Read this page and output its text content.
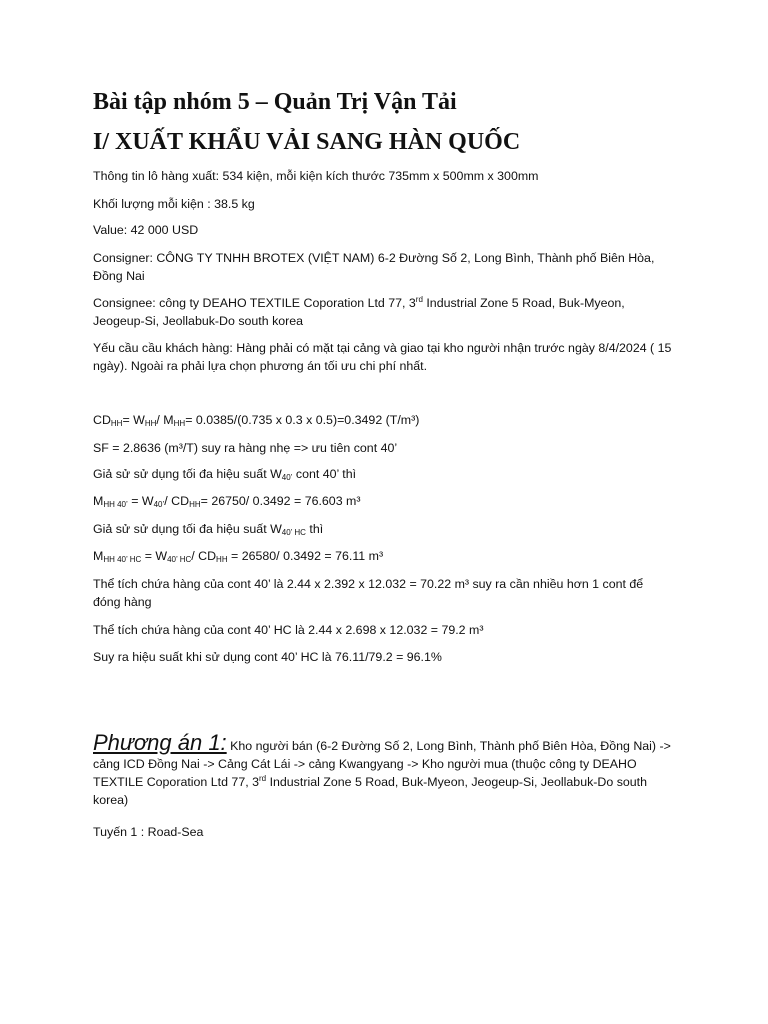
Bài tập nhóm 5 – Quản Trị Vận Tải
I/ XUẤT KHẨU VẢI SANG HÀN QUỐC

Thông tin lô hàng xuất: 534 kiện, mỗi kiện kích thước 735mm x 500mm x 300mm

Khối lượng mỗi kiện : 38.5 kg

Value: 42 000 USD

Consigner: CÔNG TY TNHH BROTEX (VIỆT NAM) 6-2 Đường Số 2, Long Bình, Thành phố Biên Hòa, Đồng Nai

Consignee: công ty DEAHO TEXTILE Coporation Ltd 77, 3rd Industrial Zone 5 Road, Buk-Myeon, Jeogeup-Si, Jeollabuk-Do south korea

Yếu cầu cầu khách hàng: Hàng phải có mặt tại cảng và giao tại kho người nhận trước ngày 8/4/2024 ( 15 ngày). Ngoài ra phải lựa chọn phương án tối ưu chi phí nhất.

$CD_{HH}= W_{HH}/$ $M_{HH}= 0.0385/(0.735$ x 0.3 x 0.5)=0.3492 (T/m³)

SF = 2.8636 (m³/T) suy ra hàng nhẹ => ưu tiên cont 40’

Giả sử sử dụng tối đa hiệu suất $W_{40’}$ cont 40’ thì

$M_{HH 40’} = W_{40’}/$ $CD_{HH}= 26750/$ 0.3492 = 76.603 m³

Giả sử sử dụng tối đa hiệu suất $W_{40’ HC}$ thì

$M_{HH 40’ HC} = W_{40’ HC}/$ $CD_{HH} = 26580/$ 0.3492 = 76.11 m³

Thể tích chứa hàng của cont 40’ là 2.44 x 2.392 x 12.032 = 70.22 m³ suy ra cần nhiều hơn 1 cont để đóng hàng

Thể tích chứa hàng của cont 40’ HC là 2.44 x 2.698 x 12.032 = 79.2 m³

Suy ra hiệu suất khi sử dụng cont 40’ HC là 76.11/79.2 = 96.1%

Phương án 1: Kho người bán (6-2 Đường Số 2, Long Bình, Thành phố Biên Hòa, Đồng Nai) -> cảng ICD Đồng Nai -> Cảng Cát Lái -> cảng Kwangyang -> Kho người mua (thuộc công ty DEAHO TEXTILE Coporation Ltd 77, 3rd Industrial Zone 5 Road, Buk-Myeon, Jeogeup-Si, Jeollabuk-Do south korea)

Tuyến 1 : Road-Sea
